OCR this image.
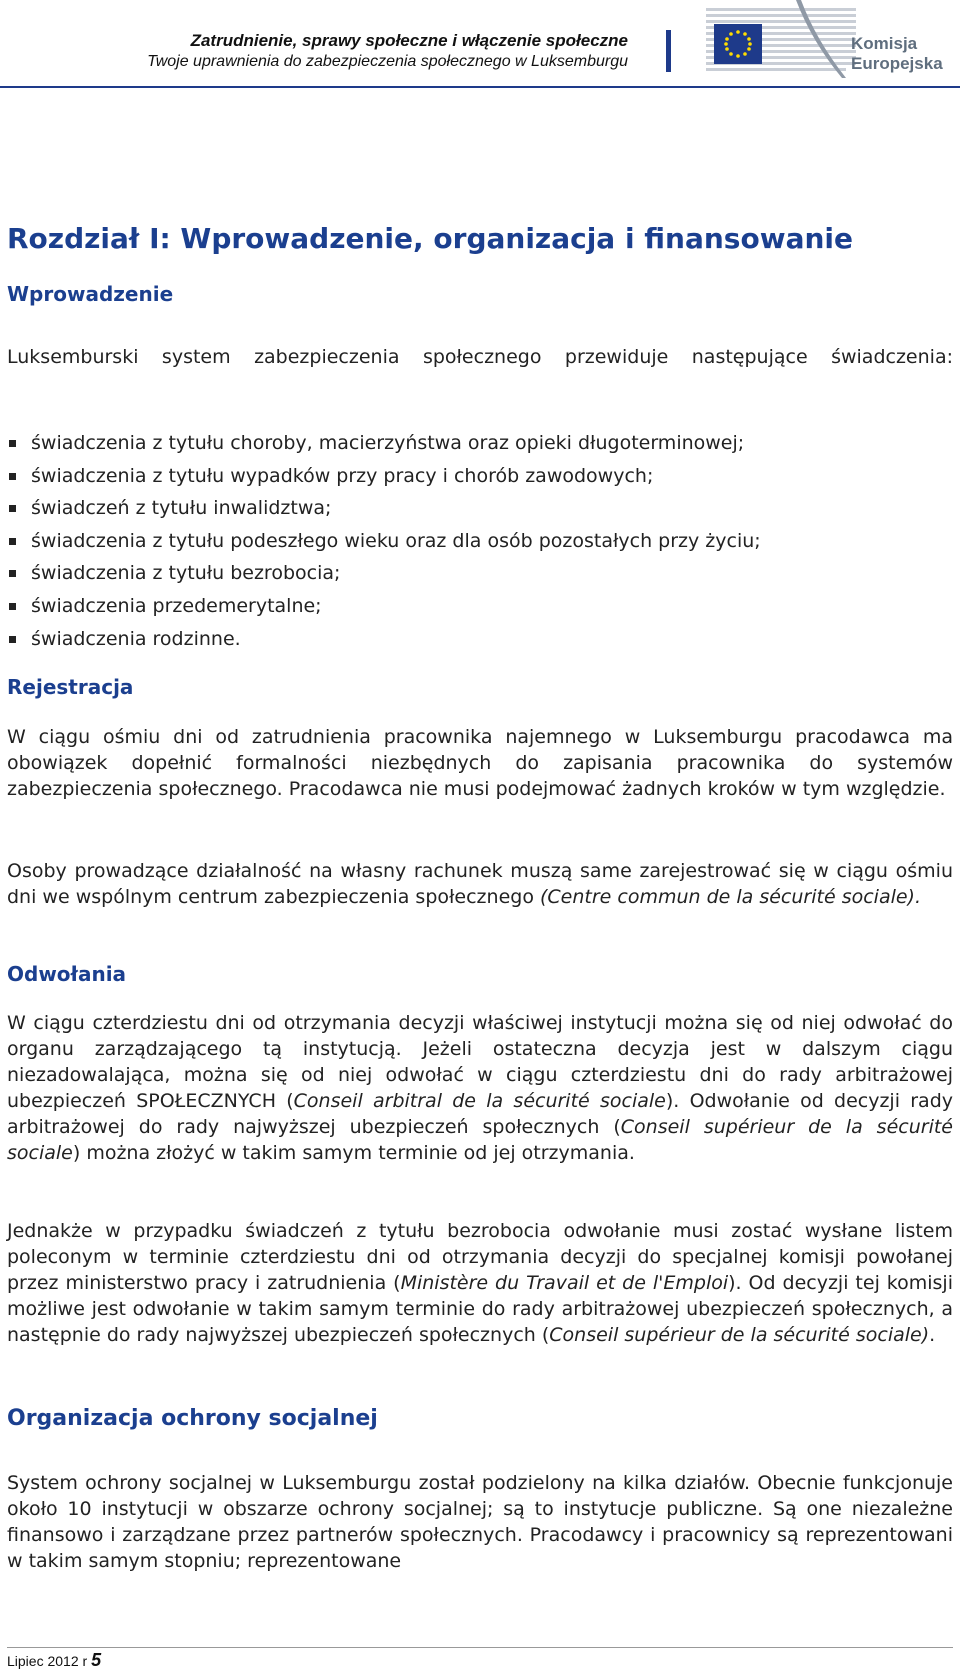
Zatrudnienie, sprawy społeczne i włączenie społeczne
Twoje uprawnienia do zabezpieczenia społecznego w Luksemburgu
Komisja
Europejska
Rozdział I: Wprowadzenie, organizacja i finansowanie
Wprowadzenie

Luksemburski system zabezpieczenia społecznego przewiduje następujące świadczenia:

świadczenia z tytułu choroby, macierzyństwa oraz opieki długoterminowej;
świadczenia z tytułu wypadków przy pracy i chorób zawodowych;
świadczeń z tytułu inwalidztwa;
świadczenia z tytułu podeszłego wieku oraz dla osób pozostałych przy życiu;
świadczenia z tytułu bezrobocia;
świadczenia przedemerytalne;
świadczenia rodzinne.
Rejestracja

W ciągu ośmiu dni od zatrudnienia pracownika najemnego w Luksemburgu pracodawca ma obowiązek dopełnić formalności niezbędnych do zapisania pracownika do systemów zabezpieczenia społecznego. Pracodawca nie musi podejmować żadnych kroków w tym względzie.

Osoby prowadzące działalność na własny rachunek muszą same zarejestrować się w ciągu ośmiu dni we wspólnym centrum zabezpieczenia społecznego (Centre commun de la sécurité sociale).

Odwołania

W ciągu czterdziestu dni od otrzymania decyzji właściwej instytucji można się od niej odwołać do organu zarządzającego tą instytucją. Jeżeli ostateczna decyzja jest w dalszym ciągu niezadowalająca, można się od niej odwołać w ciągu czterdziestu dni do rady arbitrażowej ubezpieczeń SPOŁECZNYCH (Conseil arbitral de la sécurité sociale). Odwołanie od decyzji rady arbitrażowej do rady najwyższej ubezpieczeń społecznych (Conseil supérieur de la sécurité sociale) można złożyć w takim samym terminie od jej otrzymania.

Jednakże w przypadku świadczeń z tytułu bezrobocia odwołanie musi zostać wysłane listem poleconym w terminie czterdziestu dni od otrzymania decyzji do specjalnej komisji powołanej przez ministerstwo pracy i zatrudnienia (Ministère du Travail et de l'Emploi). Od decyzji tej komisji możliwe jest odwołanie w takim samym terminie do rady arbitrażowej ubezpieczeń społecznych, a następnie do rady najwyższej ubezpieczeń społecznych (Conseil supérieur de la sécurité sociale).

Organizacja ochrony socjalnej

System ochrony socjalnej w Luksemburgu został podzielony na kilka działów. Obecnie funkcjonuje około 10 instytucji w obszarze ochrony socjalnej; są to instytucje publiczne. Są one niezależne finansowo i zarządzane przez partnerów społecznych. Pracodawcy i pracownicy są reprezentowani w takim samym stopniu; reprezentowane

Lipiec 2012 r 5
